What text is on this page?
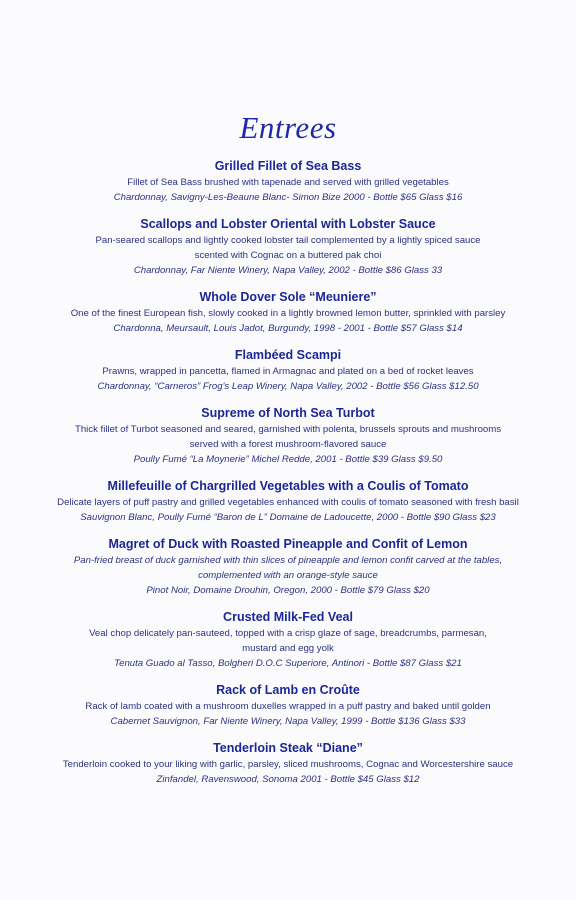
Entrees
Grilled Fillet of Sea Bass
Fillet of Sea Bass brushed with tapenade and served with grilled vegetables
Chardonnay, Savigny-Les-Beaune Blanc- Simon Bize 2000 - Bottle $65 Glass $16
Scallops and Lobster Oriental with Lobster Sauce
Pan-seared scallops and lightly cooked lobster tail complemented by a lightly spiced sauce
scented with Cognac on a buttered pak choi
Chardonnay, Far Niente Winery, Napa Valley, 2002 - Bottle $86 Glass 33
Whole Dover Sole “Meuniere”
One of the finest European fish, slowly cooked in a lightly browned lemon butter, sprinkled with parsley
Chardonna, Meursault, Louis Jadot, Burgundy, 1998 - 2001 - Bottle $57 Glass $14
Flambéed Scampi
Prawns, wrapped in pancetta, flamed in Armagnac and plated on a bed of rocket leaves
Chardonnay, “Carneros” Frog's Leap Winery, Napa Valley, 2002 - Bottle $56 Glass $12.50
Supreme of North Sea Turbot
Thick fillet of Turbot seasoned and seared, garnished with polenta, brussels sprouts and mushrooms
served with a forest mushroom-flavored sauce
Poully Fumé “La Moynerie” Michel Redde, 2001 - Bottle $39 Glass $9.50
Millefeuille of Chargrilled Vegetables with a Coulis of Tomato
Delicate layers of puff pastry and grilled vegetables enhanced with coulis of tomato seasoned with fresh basil
Sauvignon Blanc, Poully Fumé “Baron de L” Domaine de Ladoucette, 2000 - Bottle $90 Glass $23
Magret of Duck with Roasted Pineapple and Confit of Lemon
Pan-fried breast of duck garnished with thin slices of pineapple and lemon confit carved at the tables,
complemented with an orange-style sauce
Pinot Noir, Domaine Drouhin, Oregon, 2000 - Bottle $79 Glass $20
Crusted Milk-Fed Veal
Veal chop delicately pan-sauteed, topped with a crisp glaze of sage, breadcrumbs, parmesan,
mustard and egg yolk
Tenuta Guado al Tasso, Bolgheri D.O.C Superiore, Antinori - Bottle $87 Glass $21
Rack of Lamb en Croûte
Rack of lamb coated with a mushroom duxelles wrapped in a puff pastry and baked until golden
Cabernet Sauvignon, Far Niente Winery, Napa Valley, 1999 - Bottle $136 Glass $33
Tenderloin Steak “Diane”
Tenderloin cooked to your liking with garlic, parsley, sliced mushrooms, Cognac and Worcestershire sauce
Zinfandel, Ravenswood, Sonoma 2001 - Bottle $45 Glass $12
